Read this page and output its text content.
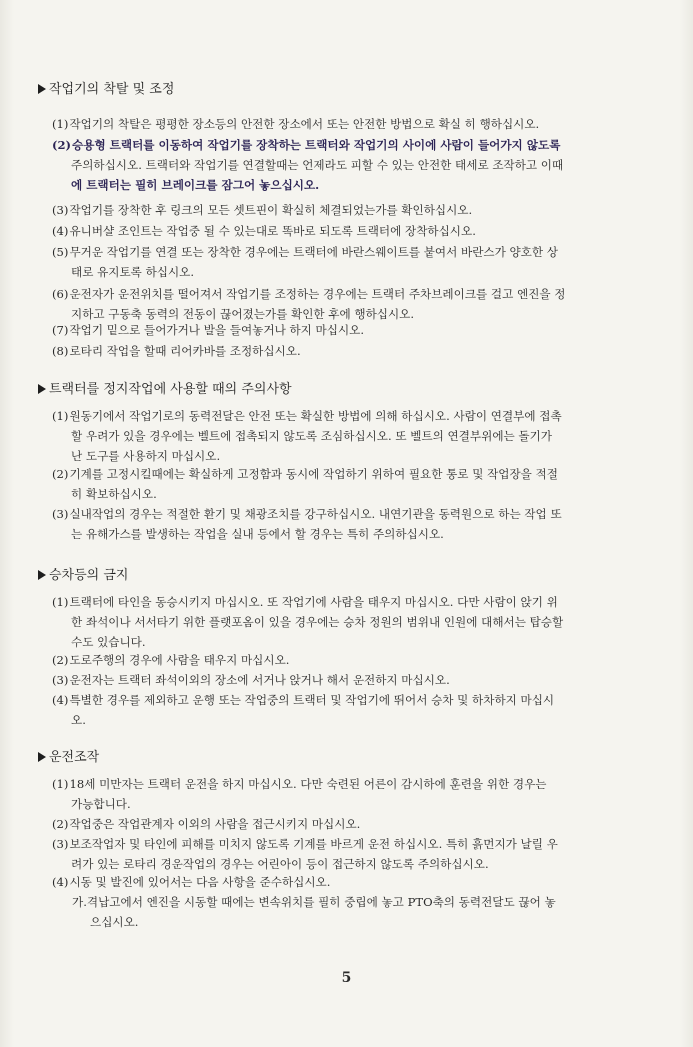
작업기의 착탈 및 조정
(1)작업기의 착탈은 평평한 장소등의 안전한 장소에서 또는 안전한 방법으로 확실 히 행하십시오.
(2)승용형 트랙터를 이동하여 작업기를 장착하는 트랙터와 작업기의 사이에 사람이 들어가지 않도록
주의하십시오. 트랙터와 작업기를 연결할때는 언제라도 피할 수 있는 안전한 태세로 조작하고 이때
에 트랙터는 필히 브레이크를 잠그어 놓으십시오.
(3)작업기를 장착한 후 링크의 모든 셋트핀이 확실히 체결되었는가를 확인하십시오.
(4)유니버샬 조인트는 작업중 될 수 있는대로 똑바로 되도록 트랙터에 장착하십시오.
(5)무거운 작업기를 연결 또는 장착한 경우에는 트랙터에 바란스웨이트를 붙여서 바란스가 양호한 상
태로 유지토록 하십시오.
(6)운전자가 운전위치를 떨어져서 작업기를 조정하는 경우에는 트랙터 주차브레이크를 걸고 엔진을 정
지하고 구동축 동력의 전동이 끊어졌는가를 확인한 후에 행하십시오.
(7)작업기 밑으로 들어가거나 발을 들여놓거나 하지 마십시오.
(8)로타리 작업을 할때 리어카바를 조정하십시오.
트랙터를 정지작업에 사용할 때의 주의사항
(1)원동기에서 작업기로의 동력전달은 안전 또는 확실한 방법에 의해 하십시오. 사람이 연결부에 접촉
할 우려가 있을 경우에는 벨트에 접촉되지 않도록 조심하십시오. 또 벨트의 연결부위에는 돌기가
난 도구를 사용하지 마십시오.
(2)기계를 고정시킬때에는 확실하게 고정함과 동시에 작업하기 위하여 필요한 통로 및 작업장을 적절
히 확보하십시오.
(3)실내작업의 경우는 적절한 환기 및 채광조치를 강구하십시오. 내연기관을 동력원으로 하는 작업 또
는 유해가스를 발생하는 작업을 실내 등에서 할 경우는 특히 주의하십시오.
승차등의 금지
(1)트랙터에 타인을 동승시키지 마십시오. 또 작업기에 사람을 태우지 마십시오. 다만 사람이 앉기 위
한 좌석이나 서서타기 위한 플랫포옴이 있을 경우에는 승차 정원의 범위내 인원에 대해서는 탑승할
수도 있습니다.
(2)도로주행의 경우에 사람을 태우지 마십시오.
(3)운전자는 트랙터 좌석이외의 장소에 서거나 앉거나 해서 운전하지 마십시오.
(4)특별한 경우를 제외하고 운행 또는 작업중의 트랙터 및 작업기에 뛰어서 승차 및 하차하지 마십시
오.
운전조작
(1)18세 미만자는 트랙터 운전을 하지 마십시오. 다만 숙련된 어른이 감시하에 훈련을 위한 경우는
가능합니다.
(2)작업중은 작업관계자 이외의 사람을 접근시키지 마십시오.
(3)보조작업자 및 타인에 피해를 미치지 않도록 기계를 바르게 운전 하십시오. 특히 흙먼지가 날릴 우
려가 있는 로타리 경운작업의 경우는 어린아이 등이 접근하지 않도록 주의하십시오.
(4)시동 및 발진에 있어서는 다음 사항을 준수하십시오.
가.격납고에서 엔진을 시동할 때에는 변속위치를 필히 중립에 놓고 PTO축의 동력전달도 끊어 놓
으십시오.
5
